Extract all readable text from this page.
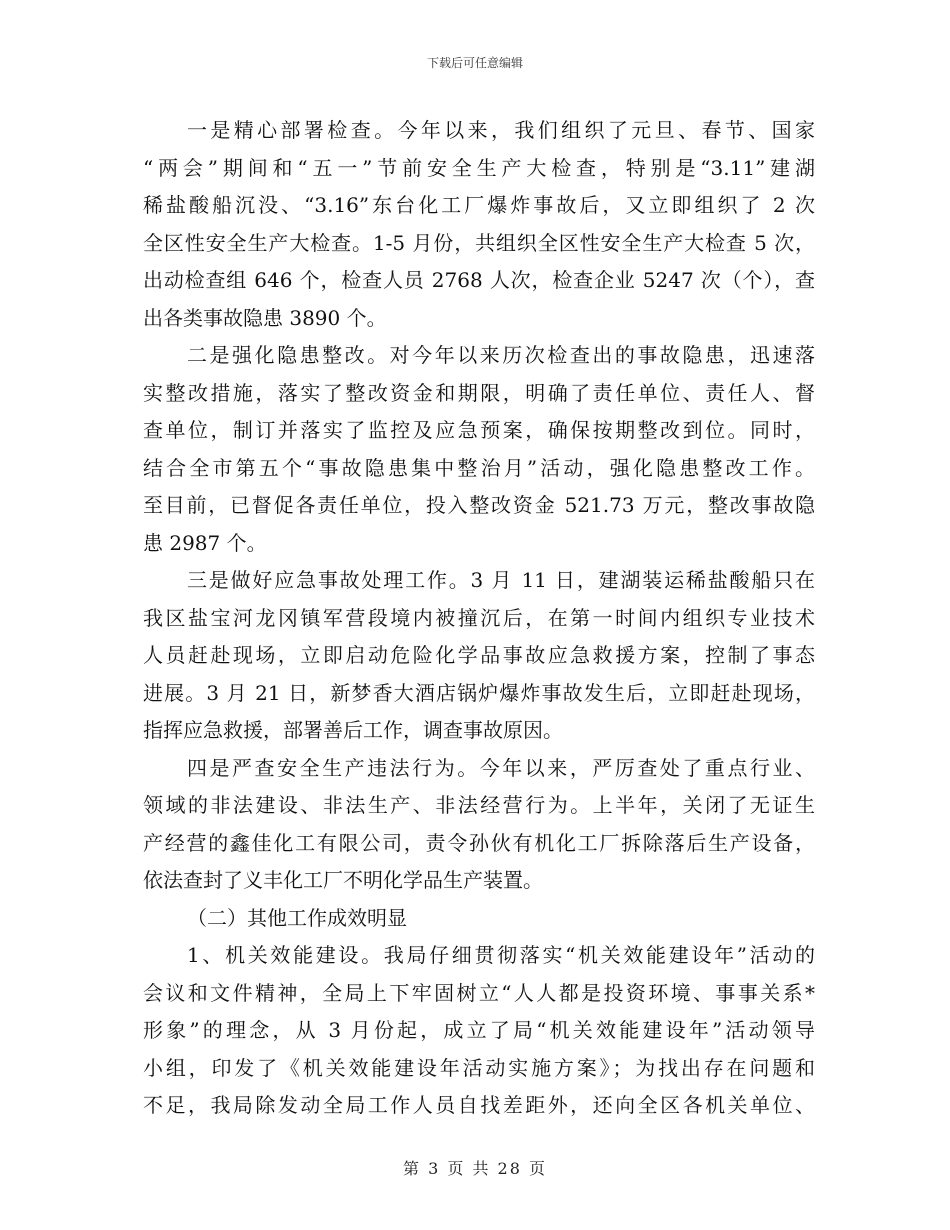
下载后可任意编辑
一是精心部署检查。今年以来，我们组织了元旦、春节、国家
“两会”期间和“五一”节前安全生产大检查，特别是“3.11”建湖
稀盐酸船沉没、“3.16”东台化工厂爆炸事故后，又立即组织了 2 次
全区性安全生产大检查。1-5 月份，共组织全区性安全生产大检查 5 次，
出动检查组 646 个，检查人员 2768 人次，检查企业 5247 次（个），查
出各类事故隐患 3890 个。
二是强化隐患整改。对今年以来历次检查出的事故隐患，迅速落
实整改措施，落实了整改资金和期限，明确了责任单位、责任人、督
查单位，制订并落实了监控及应急预案，确保按期整改到位。同时，
结合全市第五个“事故隐患集中整治月”活动，强化隐患整改工作。
至目前，已督促各责任单位，投入整改资金 521.73 万元，整改事故隐
患 2987 个。
三是做好应急事故处理工作。3 月 11 日，建湖装运稀盐酸船只在
我区盐宝河龙冈镇军营段境内被撞沉后，在第一时间内组织专业技术
人员赶赴现场，立即启动危险化学品事故应急救援方案，控制了事态
进展。3 月 21 日，新梦香大酒店锅炉爆炸事故发生后，立即赶赴现场，
指挥应急救援，部署善后工作，调查事故原因。
四是严查安全生产违法行为。今年以来，严厉查处了重点行业、
领域的非法建设、非法生产、非法经营行为。上半年，关闭了无证生
产经营的鑫佳化工有限公司，责令孙伙有机化工厂拆除落后生产设备，
依法查封了义丰化工厂不明化学品生产装置。
（二）其他工作成效明显
1、机关效能建设。我局仔细贯彻落实“机关效能建设年”活动的
会议和文件精神，全局上下牢固树立“人人都是投资环境、事事关系*
形象”的理念，从 3 月份起，成立了局“机关效能建设年”活动领导
小组，印发了《机关效能建设年活动实施方案》；为找出存在问题和
不足，我局除发动全局工作人员自找差距外，还向全区各机关单位、
第 3 页 共 28 页
